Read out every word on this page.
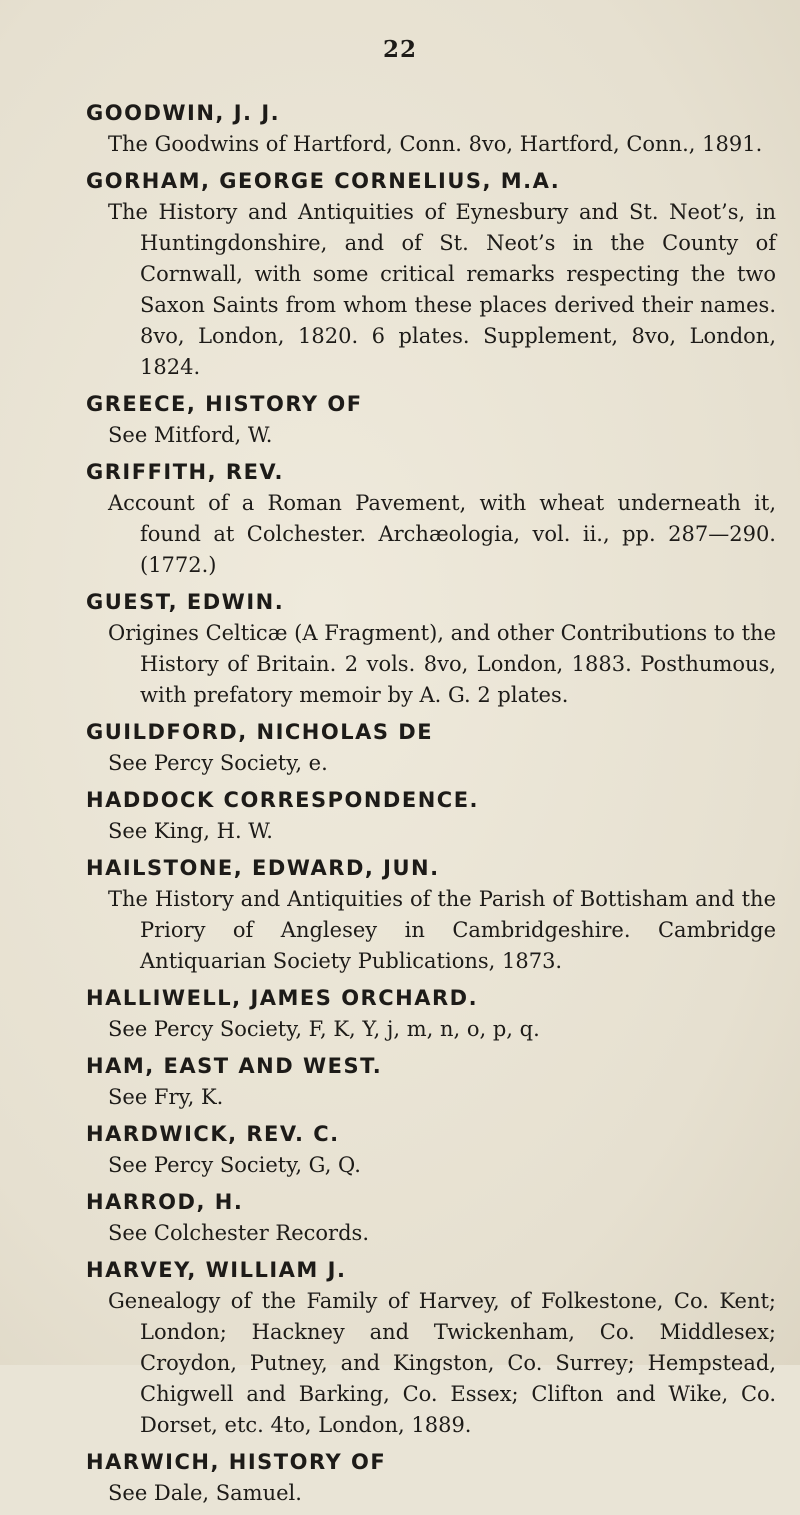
22
GOODWIN, J. J.
The Goodwins of Hartford, Conn. 8vo, Hartford, Conn., 1891.
GORHAM, GEORGE CORNELIUS, M.A.
The History and Antiquities of Eynesbury and St. Neot’s, in Huntingdonshire, and of St. Neot’s in the County of Cornwall, with some critical remarks respecting the two Saxon Saints from whom these places derived their names. 8vo, London, 1820. 6 plates. Supplement, 8vo, London, 1824.
GREECE, HISTORY OF
See Mitford, W.
GRIFFITH, REV.
Account of a Roman Pavement, with wheat underneath it, found at Colchester. Archæologia, vol. ii., pp. 287—290. (1772.)
GUEST, EDWIN.
Origines Celticæ (A Fragment), and other Contributions to the History of Britain. 2 vols. 8vo, London, 1883. Posthumous, with prefatory memoir by A. G. 2 plates.
GUILDFORD, NICHOLAS DE
See Percy Society, e.
HADDOCK CORRESPONDENCE.
See King, H. W.
HAILSTONE, EDWARD, JUN.
The History and Antiquities of the Parish of Bottisham and the Priory of Anglesey in Cambridgeshire. Cambridge Antiquarian Society Publications, 1873.
HALLIWELL, JAMES ORCHARD.
See Percy Society, F, K, Y, j, m, n, o, p, q.
HAM, EAST AND WEST.
See Fry, K.
HARDWICK, REV. C.
See Percy Society, G, Q.
HARROD, H.
See Colchester Records.
HARVEY, WILLIAM J.
Genealogy of the Family of Harvey, of Folkestone, Co. Kent; London; Hackney and Twickenham, Co. Middlesex; Croydon, Putney, and Kingston, Co. Surrey; Hempstead, Chigwell and Barking, Co. Essex; Clifton and Wike, Co. Dorset, etc. 4to, London, 1889.
HARWICH, HISTORY OF
See Dale, Samuel.
